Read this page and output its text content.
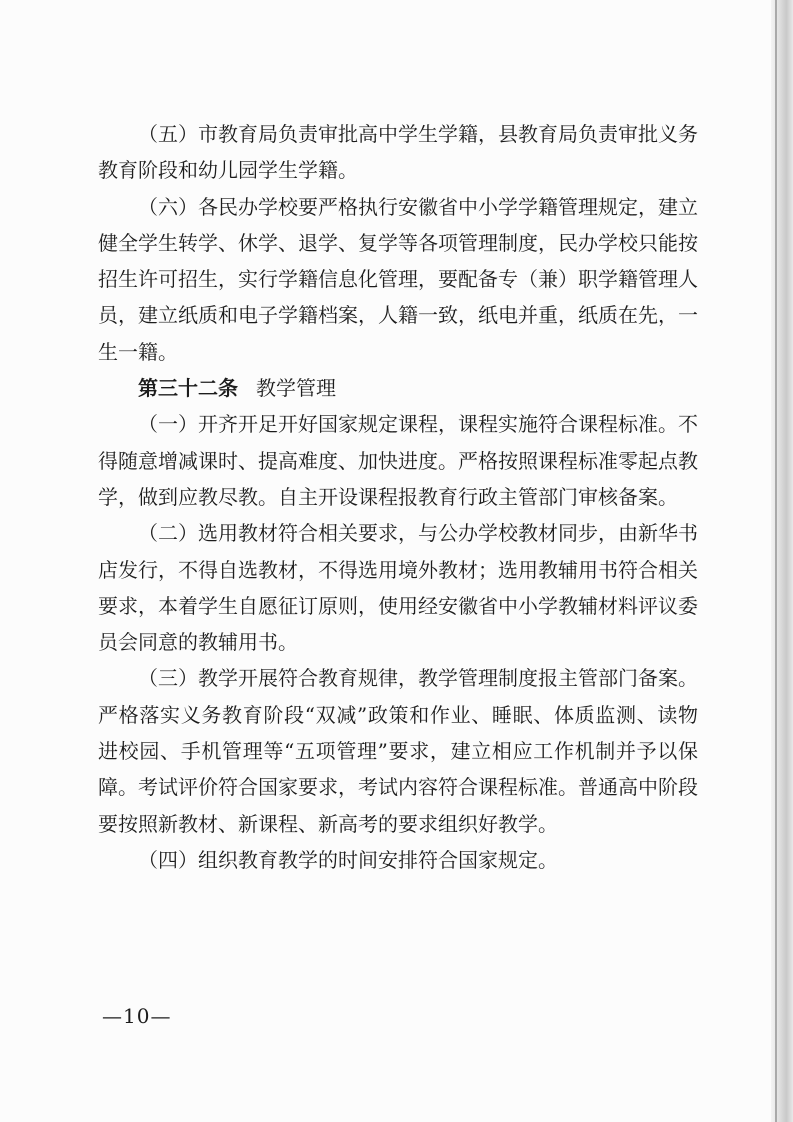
（五）市教育局负责审批高中学生学籍，县教育局负责审批义务教育阶段和幼儿园学生学籍。

（六）各民办学校要严格执行安徽省中小学学籍管理规定，建立健全学生转学、休学、退学、复学等各项管理制度，民办学校只能按招生许可招生，实行学籍信息化管理，要配备专（兼）职学籍管理人员，建立纸质和电子学籍档案，人籍一致，纸电并重，纸质在先，一生一籍。

第三十二条 教学管理

（一）开齐开足开好国家规定课程，课程实施符合课程标准。不得随意增减课时、提高难度、加快进度。严格按照课程标准零起点教学，做到应教尽教。自主开设课程报教育行政主管部门审核备案。

（二）选用教材符合相关要求，与公办学校教材同步，由新华书店发行，不得自选教材，不得选用境外教材；选用教辅用书符合相关要求，本着学生自愿征订原则，使用经安徽省中小学教辅材料评议委员会同意的教辅用书。

（三）教学开展符合教育规律，教学管理制度报主管部门备案。严格落实义务教育阶段“双减”政策和作业、睡眠、体质监测、读物进校园、手机管理等“五项管理”要求，建立相应工作机制并予以保障。考试评价符合国家要求，考试内容符合课程标准。普通高中阶段要按照新教材、新课程、新高考的要求组织好教学。

（四）组织教育教学的时间安排符合国家规定。

—10—
